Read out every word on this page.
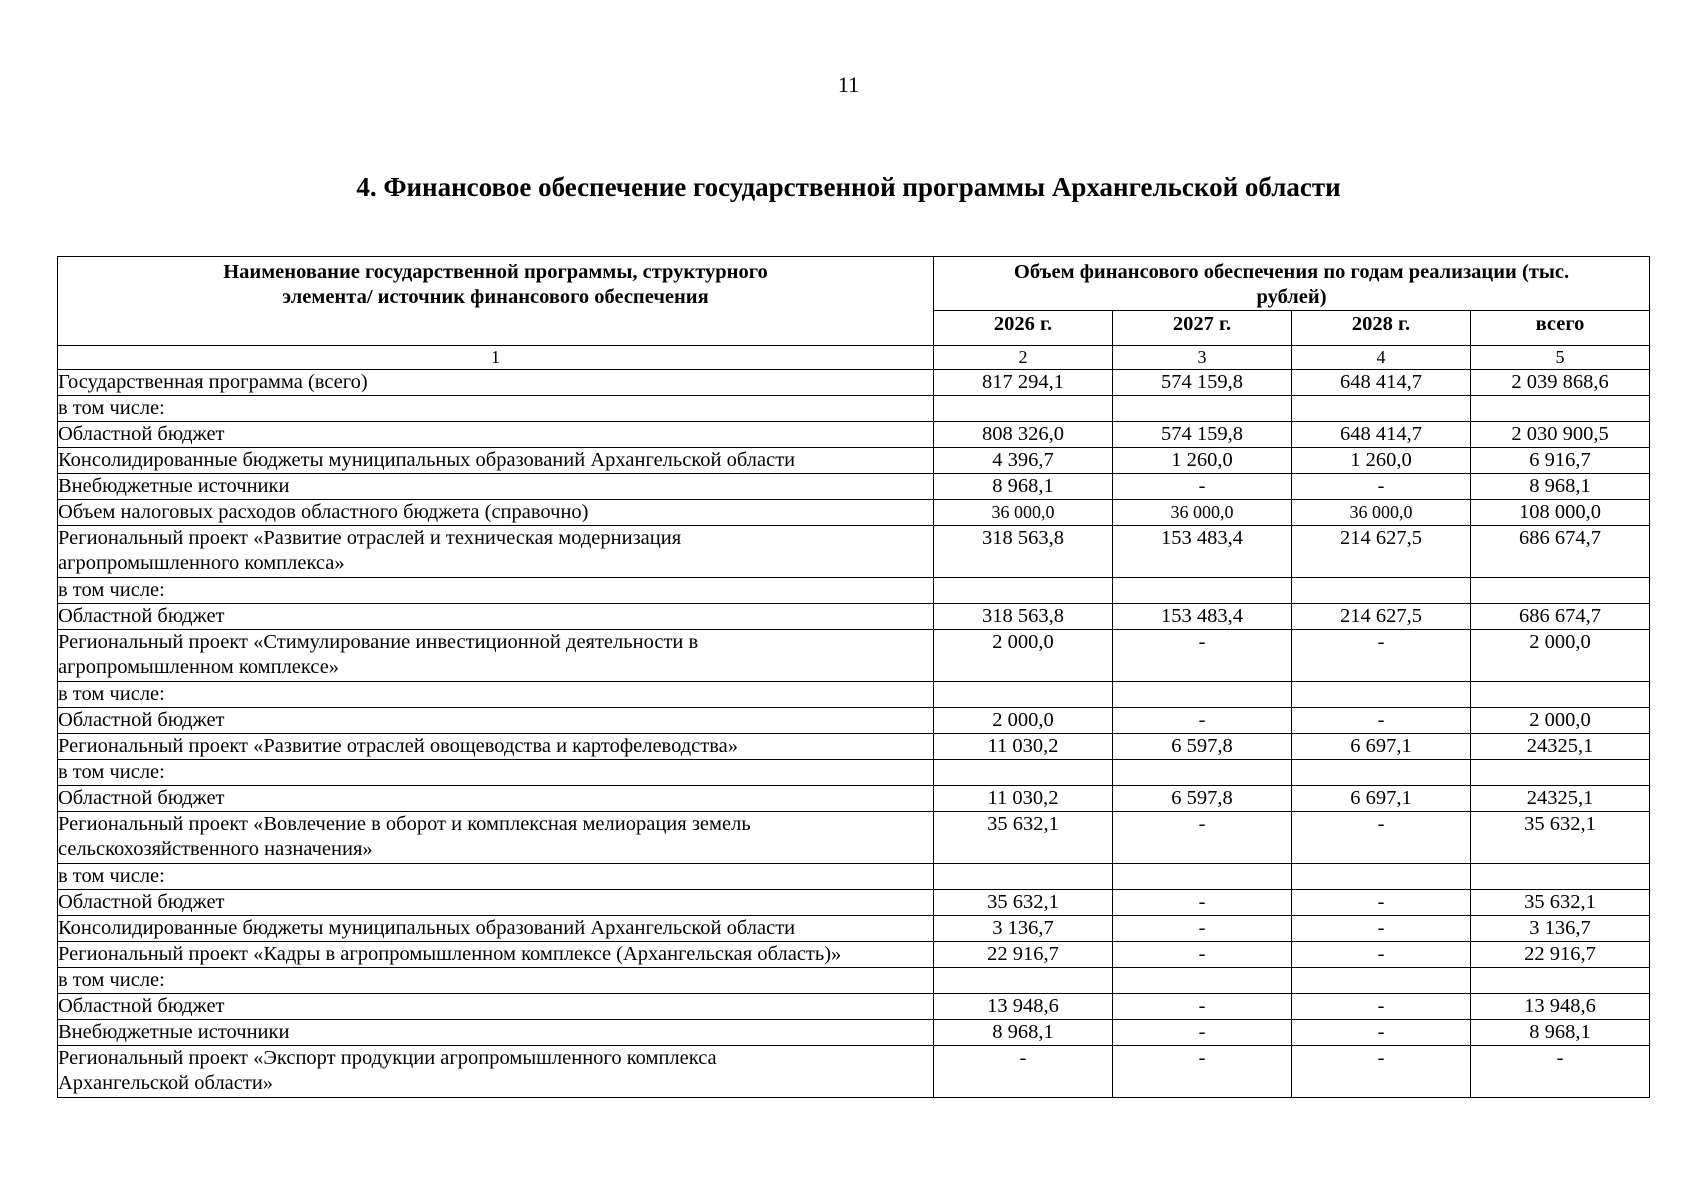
11
4. Финансовое обеспечение государственной программы Архангельской области
Наименование государственной программы, структурного элемента/ источник финансового обеспечения	Объем финансового обеспечения по годам реализации (тыс. рублей)			
	2026 г.	2027 г.	2028 г.	всего
1	2	3	4	5
Государственная программа (всего)	817 294,1	574 159,8	648 414,7	2 039 868,6
в том числе:				
Областной бюджет	808 326,0	574 159,8	648 414,7	2 030 900,5
Консолидированные бюджеты муниципальных образований Архангельской области	4 396,7	1 260,0	1 260,0	6 916,7
Внебюджетные источники	8 968,1	-	-	8 968,1
Объем налоговых расходов областного бюджета (справочно)	36 000,0	36 000,0	36 000,0	108 000,0
Региональный проект «Развитие отраслей и техническая модернизация агропромышленного комплекса»	318 563,8	153 483,4	214 627,5	686 674,7
в том числе:				
Областной бюджет	318 563,8	153 483,4	214 627,5	686 674,7
Региональный проект «Стимулирование инвестиционной деятельности в агропромышленном комплексе»	2 000,0	-	-	2 000,0
в том числе:				
Областной бюджет	2 000,0	-	-	2 000,0
Региональный проект «Развитие отраслей овощеводства и картофелеводства»	11 030,2	6 597,8	6 697,1	24325,1
в том числе:				
Областной бюджет	11 030,2	6 597,8	6 697,1	24325,1
Региональный проект «Вовлечение в оборот и комплексная мелиорация земель сельскохозяйственного назначения»	35 632,1	-	-	35 632,1
в том числе:				
Областной бюджет	35 632,1	-	-	35 632,1
Консолидированные бюджеты муниципальных образований Архангельской области	3 136,7	-	-	3 136,7
Региональный проект «Кадры в агропромышленном комплексе (Архангельская область)»	22 916,7	-	-	22 916,7
в том числе:				
Областной бюджет	13 948,6	-	-	13 948,6
Внебюджетные источники	8 968,1	-	-	8 968,1
Региональный проект «Экспорт продукции агропромышленного комплекса Архангельской области»	-	-	-	-
